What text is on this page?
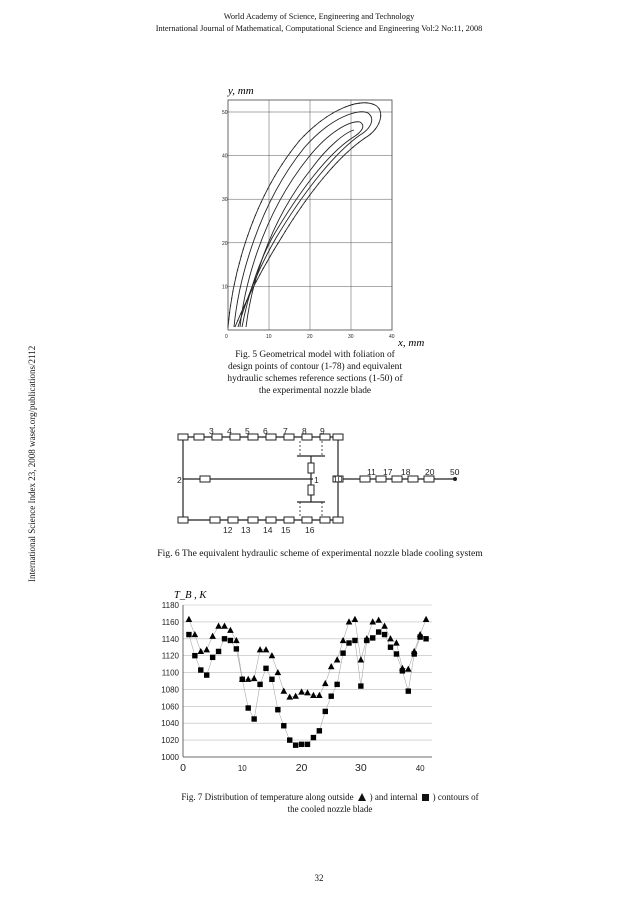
World Academy of Science, Engineering and Technology
International Journal of Mathematical, Computational Science and Engineering Vol:2 No:11, 2008
International Science Index 23, 2008 waset.org/publications/2112
y, mm
0	10	20	30	40
10
20
30
40
50
x, mm
Fig. 5 Geometrical model with foliation of design points of contour (1-78) and equivalent hydraulic schemes reference sections (1-50) of the experimental nozzle blade
3 4 5 6 7 8 9
12 13 14 15 16
2	1 10
11 17 18 20 50
Fig. 6 The equivalent hydraulic scheme of experimental nozzle blade cooling system
T_B , K
1000
1020
1040
1060
1080
1100
1120
1140
1160
1180
0	10	20	30	40
Fig. 7 Distribution of temperature along outside ) and internal ) contours of
the cooled nozzle blade
32
